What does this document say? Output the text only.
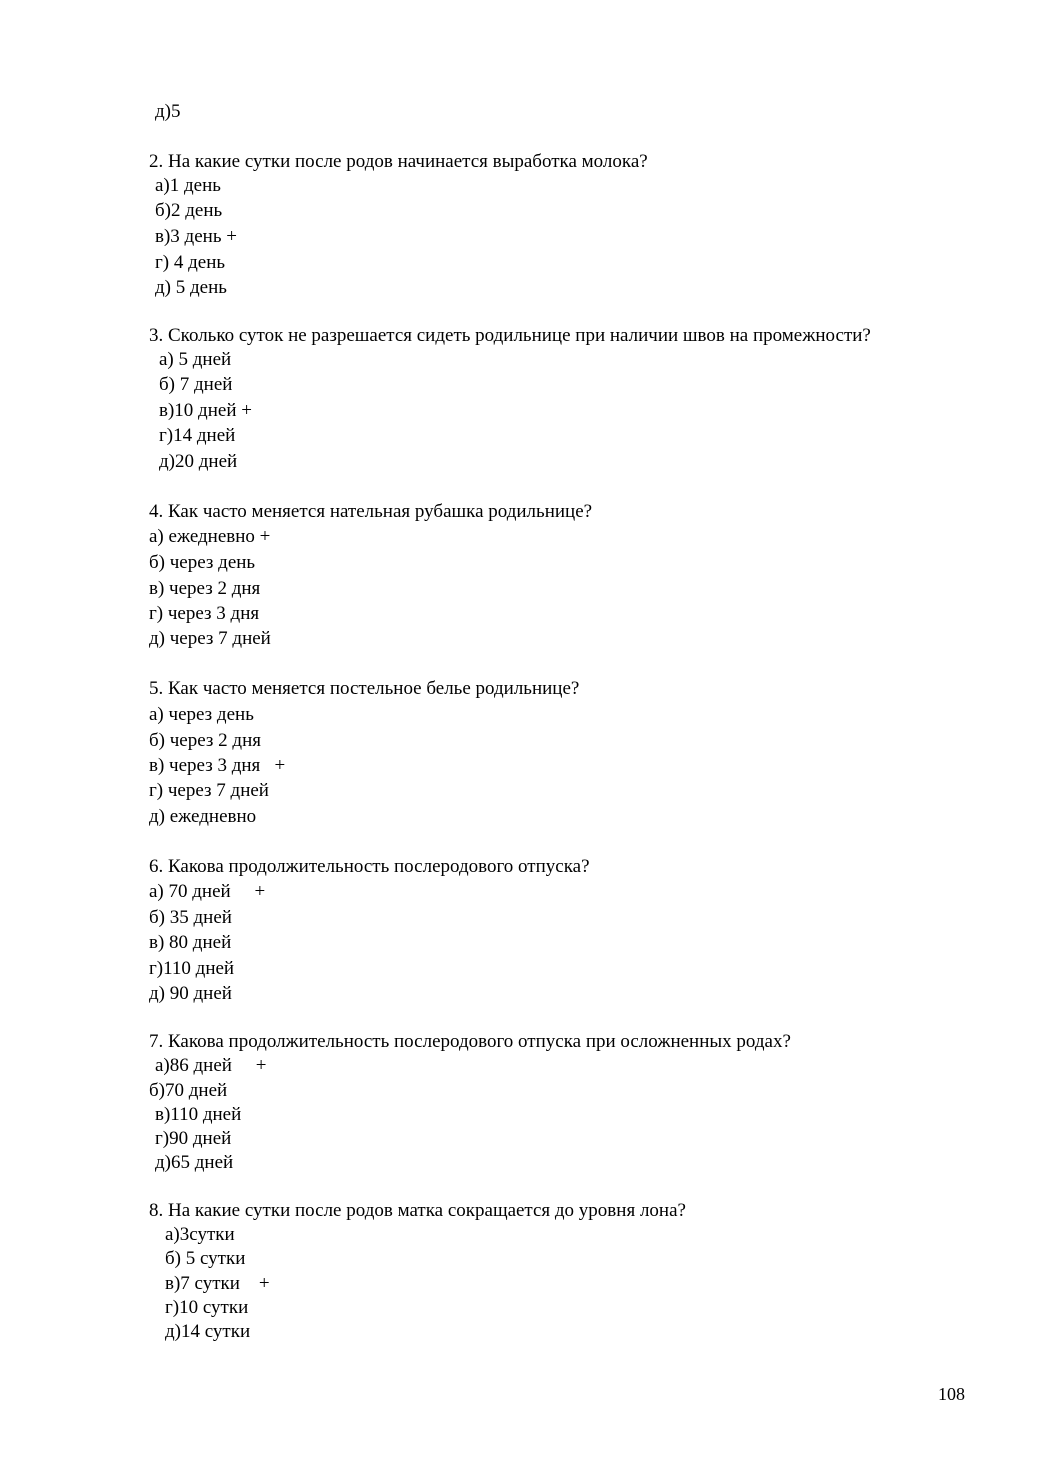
д)5

2. На какие сутки после родов начинается выработка молока?

а)1 день

б)2 день

в)3 день +

г) 4 день

д) 5 день

3. Сколько суток не разрешается сидеть родильнице при наличии швов на промежности?

а) 5 дней

б) 7 дней

в)10 дней +

г)14 дней

д)20 дней

4. Как часто меняется нательная рубашка родильнице?

а) ежедневно +

б) через день

в) через 2 дня

г) через 3 дня

д) через 7 дней

5. Как часто меняется постельное белье родильнице?

а) через день

б) через 2 дня

в) через 3 дня   +

г) через 7 дней

д) ежедневно

6. Какова продолжительность послеродового отпуска?

а) 70 дней     +

б) 35 дней

в) 80 дней

г)110 дней

д) 90 дней

7. Какова продолжительность послеродового отпуска при осложненных родах?

а)86 дней     +

б)70 дней

в)110 дней

г)90 дней

д)65 дней

8. На какие сутки после родов матка сокращается до уровня лона?

а)3сутки

б) 5 сутки

в)7 сутки    +

г)10 сутки

д)14 сутки

108
